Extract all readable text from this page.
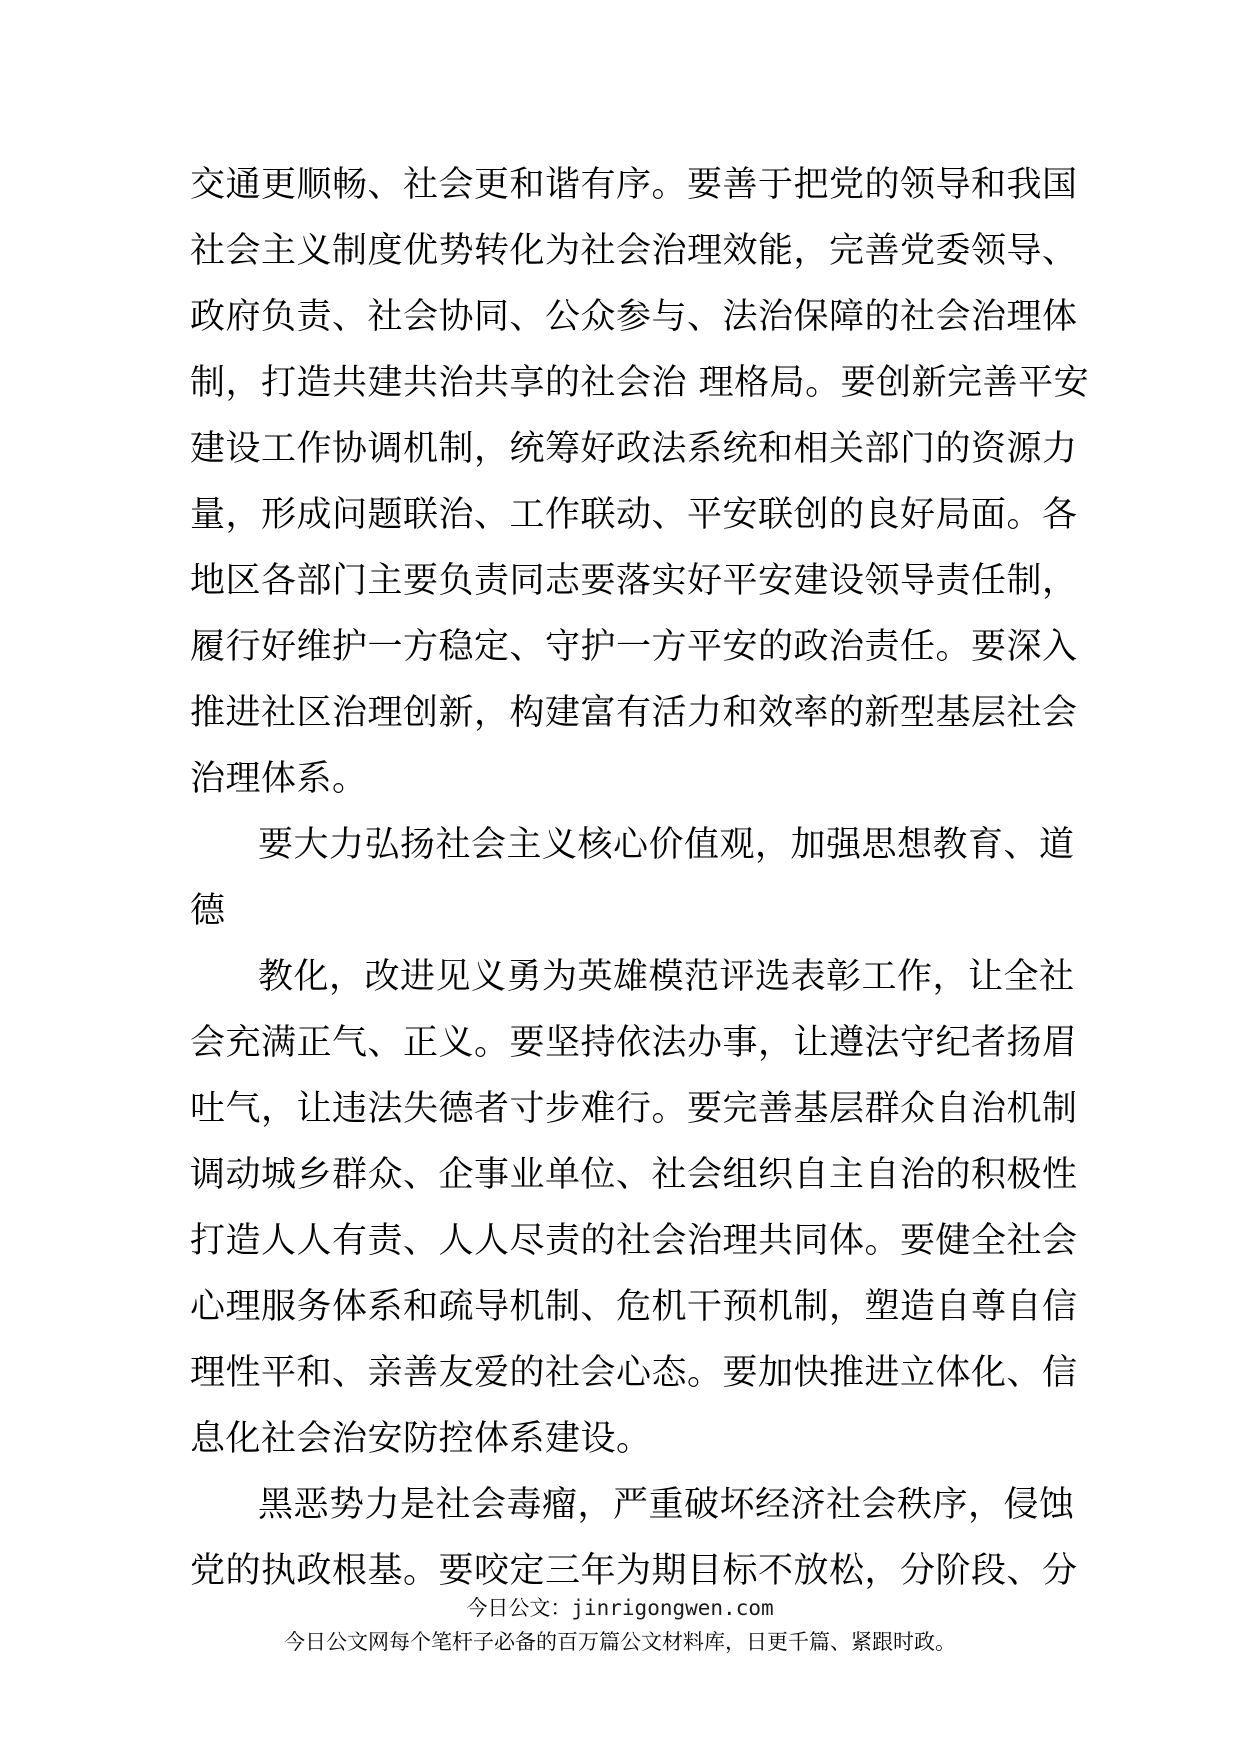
交通更顺畅、社会更和谐有序。要善于把党的领导和我国
社会主义制度优势转化为社会治理效能，完善党委领导、
政府负责、社会协同、公众参与、法治保障的社会治理体
制，打造共建共治共享的社会治 理格局。要创新完善平安
建设工作协调机制，统筹好政法系统和相关部门的资源力
量，形成问题联治、工作联动、平安联创的良好局面。各
地区各部门主要负责同志要落实好平安建设领导责任制，
履行好维护一方稳定、守护一方平安的政治责任。要深入
推进社区治理创新，构建富有活力和效率的新型基层社会
治理体系。
要大力弘扬社会主义核心价值观，加强思想教育、道
德
教化，改进见义勇为英雄模范评选表彰工作，让全社
会充满正气、正义。要坚持依法办事，让遵法守纪者扬眉
吐气，让违法失德者寸步难行。要完善基层群众自治机制
调动城乡群众、企事业单位、社会组织自主自治的积极性
打造人人有责、人人尽责的社会治理共同体。要健全社会
心理服务体系和疏导机制、危机干预机制，塑造自尊自信
理性平和、亲善友爱的社会心态。要加快推进立体化、信
息化社会治安防控体系建设。
黑恶势力是社会毒瘤，严重破坏经济社会秩序，侵蚀
党的执政根基。要咬定三年为期目标不放松，分阶段、分
今日公文：jinrigongwen.com
今日公文网每个笔杆子必备的百万篇公文材料库，日更千篇、紧跟时政。
